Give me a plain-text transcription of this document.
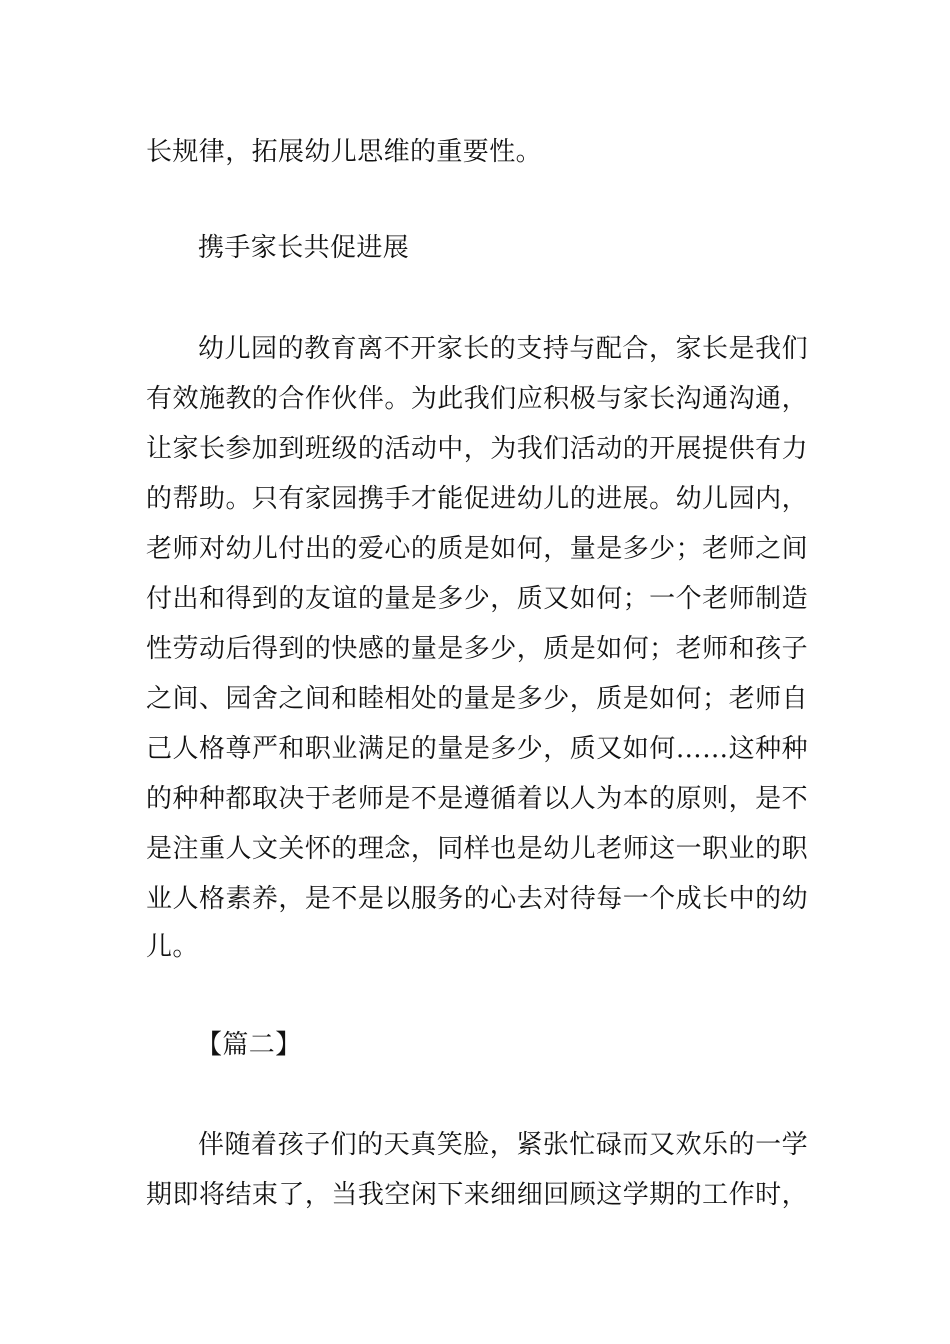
长规律，拓展幼儿思维的重要性。
携手家长共促进展
幼儿园的教育离不开家长的支持与配合，家长是我们
有效施教的合作伙伴。为此我们应积极与家长沟通沟通，
让家长参加到班级的活动中，为我们活动的开展提供有力
的帮助。只有家园携手才能促进幼儿的进展。幼儿园内，
老师对幼儿付出的爱心的质是如何，量是多少；老师之间
付出和得到的友谊的量是多少，质又如何；一个老师制造
性劳动后得到的快感的量是多少，质是如何；老师和孩子
之间、园舍之间和睦相处的量是多少，质是如何；老师自
己人格尊严和职业满足的量是多少，质又如何……这种种
的种种都取决于老师是不是遵循着以人为本的原则，是不
是注重人文关怀的理念，同样也是幼儿老师这一职业的职
业人格素养，是不是以服务的心去对待每一个成长中的幼
儿。
【篇二】
伴随着孩子们的天真笑脸，紧张忙碌而又欢乐的一学
期即将结束了，当我空闲下来细细回顾这学期的工作时，
